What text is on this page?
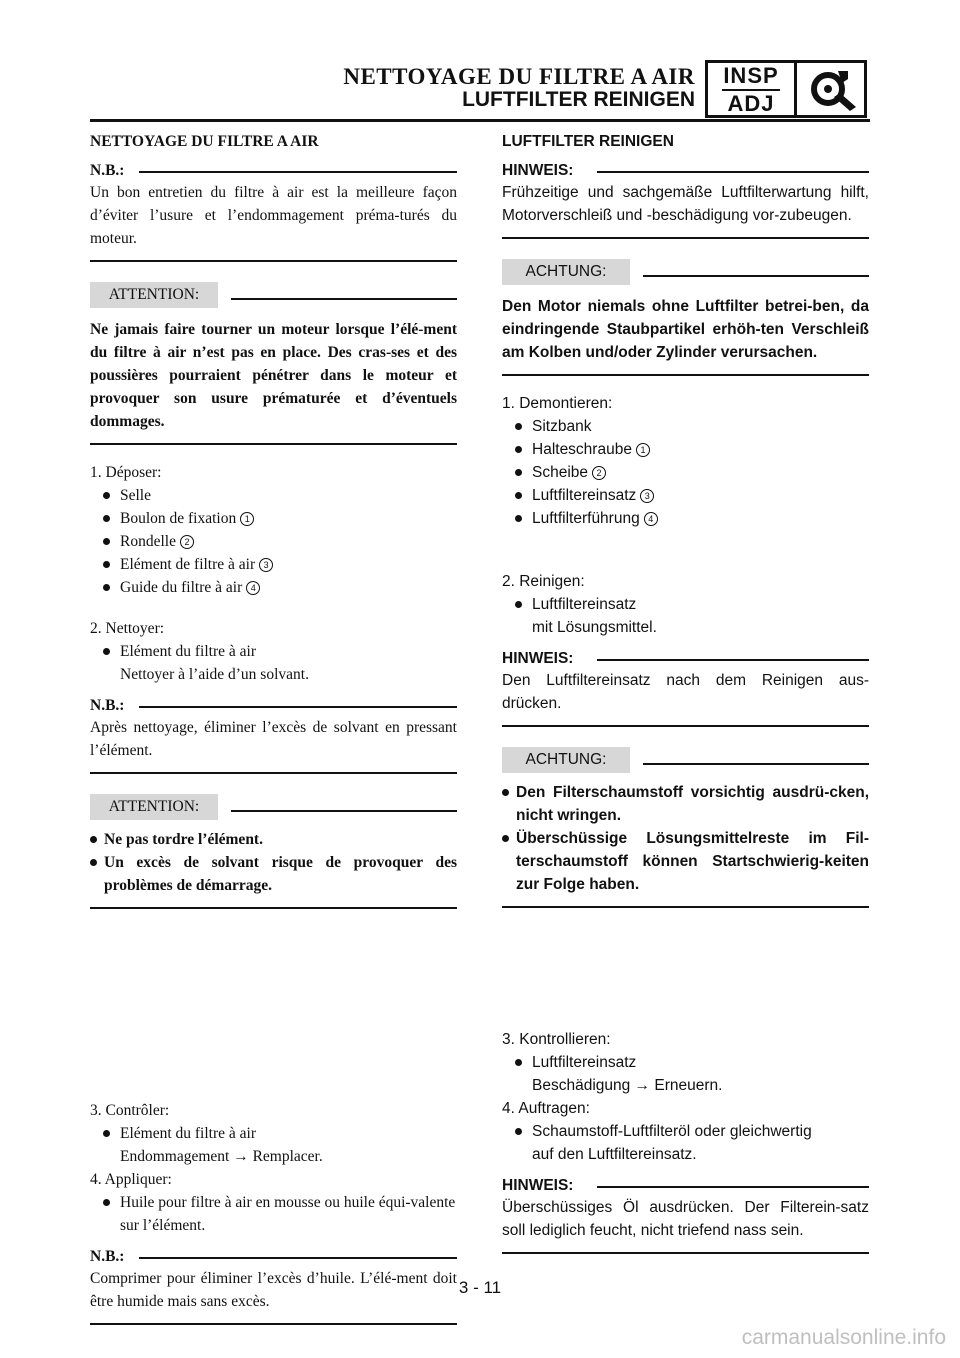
NETTOYAGE DU FILTRE A AIR
LUFTFILTER REINIGEN
INSP
ADJ

NETTOYAGE DU FILTRE A AIR

N.B.:

Un bon entretien du filtre à air est la meilleure façon d’éviter l’usure et l’endommagement préma-turés du moteur.

ATTENTION:

Ne jamais faire tourner un moteur lorsque l’élé-ment du filtre à air n’est pas en place. Des cras-ses et des poussières pourraient pénétrer dans le moteur et provoquer son usure prématurée et d’éventuels dommages.

1. Déposer:
Selle
Boulon de fixation 1
Rondelle 2
Elément de filtre à air 3
Guide du filtre à air 4
2. Nettoyer:
Elément du filtre à air
Nettoyer à l’aide d’un solvant.
N.B.:

Après nettoyage, éliminer l’excès de solvant en pressant l’élément.

ATTENTION:
Ne pas tordre l’élément.
Un excès de solvant risque de provoquer des problèmes de démarrage.
3. Contrôler:
Elément du filtre à air
Endommagement → Remplacer.
4. Appliquer:
Huile pour filtre à air en mousse ou huile équi-valente
sur l’élément.
N.B.:

Comprimer pour éliminer l’excès d’huile. L’élé-ment doit être humide mais sans excès.

LUFTFILTER REINIGEN

HINWEIS:

Frühzeitige und sachgemäße Luftfilterwartung hilft, Motorverschleiß und -beschädigung vor-zubeugen.

ACHTUNG:

Den Motor niemals ohne Luftfilter betrei-ben, da eindringende Staubpartikel erhöh-ten Verschleiß am Kolben und/oder Zylinder verursachen.

1. Demontieren:
Sitzbank
Halteschraube 1
Scheibe 2
Luftfiltereinsatz 3
Luftfilterführung 4
2. Reinigen:
Luftfiltereinsatz
mit Lösungsmittel.
HINWEIS:

Den Luftfiltereinsatz nach dem Reinigen aus-drücken.

ACHTUNG:
Den Filterschaumstoff vorsichtig ausdrü-cken, nicht wringen.
Überschüssige Lösungsmittelreste im Fil-terschaumstoff können Startschwierig-keiten zur Folge haben.
3. Kontrollieren:
Luftfiltereinsatz
Beschädigung → Erneuern.
4. Auftragen:
Schaumstoff-Luftfilteröl oder gleichwertig
auf den Luftfiltereinsatz.
HINWEIS:

Überschüssiges Öl ausdrücken. Der Filterein-satz soll lediglich feucht, nicht triefend nass sein.

3 - 11
carmanualsonline.info
